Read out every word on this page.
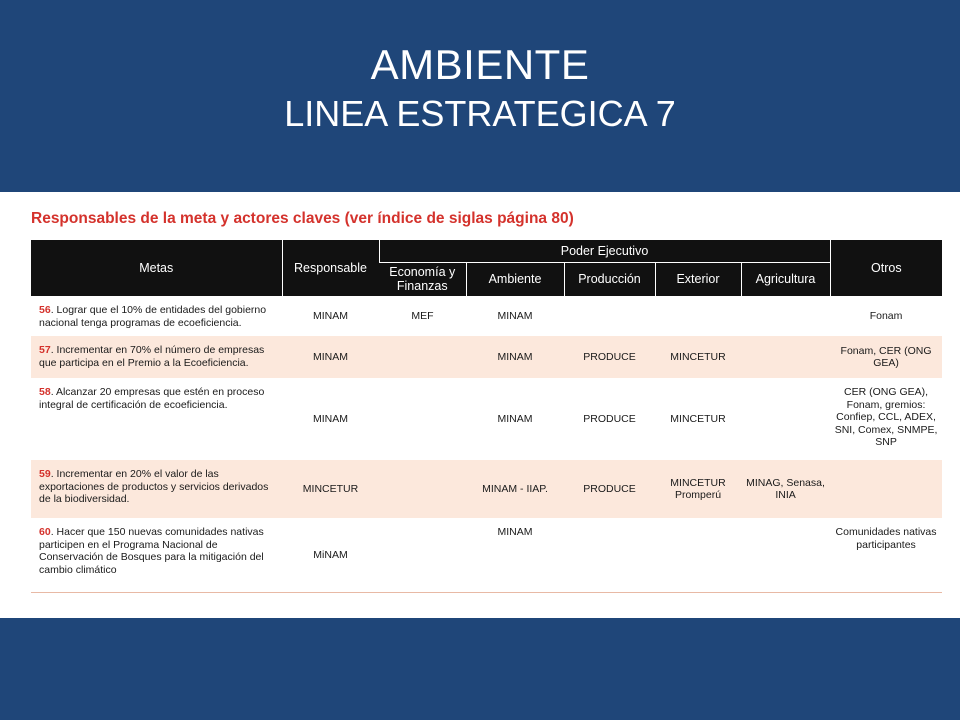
AMBIENTE
LINEA ESTRATEGICA 7
Responsables de la meta y actores claves (ver índice de siglas página 80)
Metas	Responsable	Poder Ejecutivo					Otros
		Economía y Finanzas	Ambiente	Producción	Exterior	Agricultura	
56. Lograr que el 10% de entidades del gobierno nacional tenga programas de ecoeficiencia.	MINAM	MEF	MINAM				Fonam
57. Incrementar en 70% el número de empresas que participa en el Premio a la Ecoeficiencia.	MINAM		MINAM	PRODUCE	MINCETUR		Fonam, CER (ONG GEA)
58. Alcanzar 20 empresas que estén en proceso integral de certificación de ecoeficiencia.	MINAM		MINAM	PRODUCE	MINCETUR		CER (ONG GEA), Fonam, gremios: Confiep, CCL, ADEX, SNI, Comex, SNMPE, SNP
59. Incrementar en 20% el valor de las exportaciones de productos y servicios derivados de la biodiversidad.	MINCETUR		MINAM - IIAP.	PRODUCE	MINCETUR Promperú	MINAG, Senasa, INIA	
60. Hacer que 150 nuevas comunidades nativas participen en el Programa Nacional de Conservación de Bosques para la mitigación del cambio climático	MiNAM		MINAM				Comunidades nativas participantes
